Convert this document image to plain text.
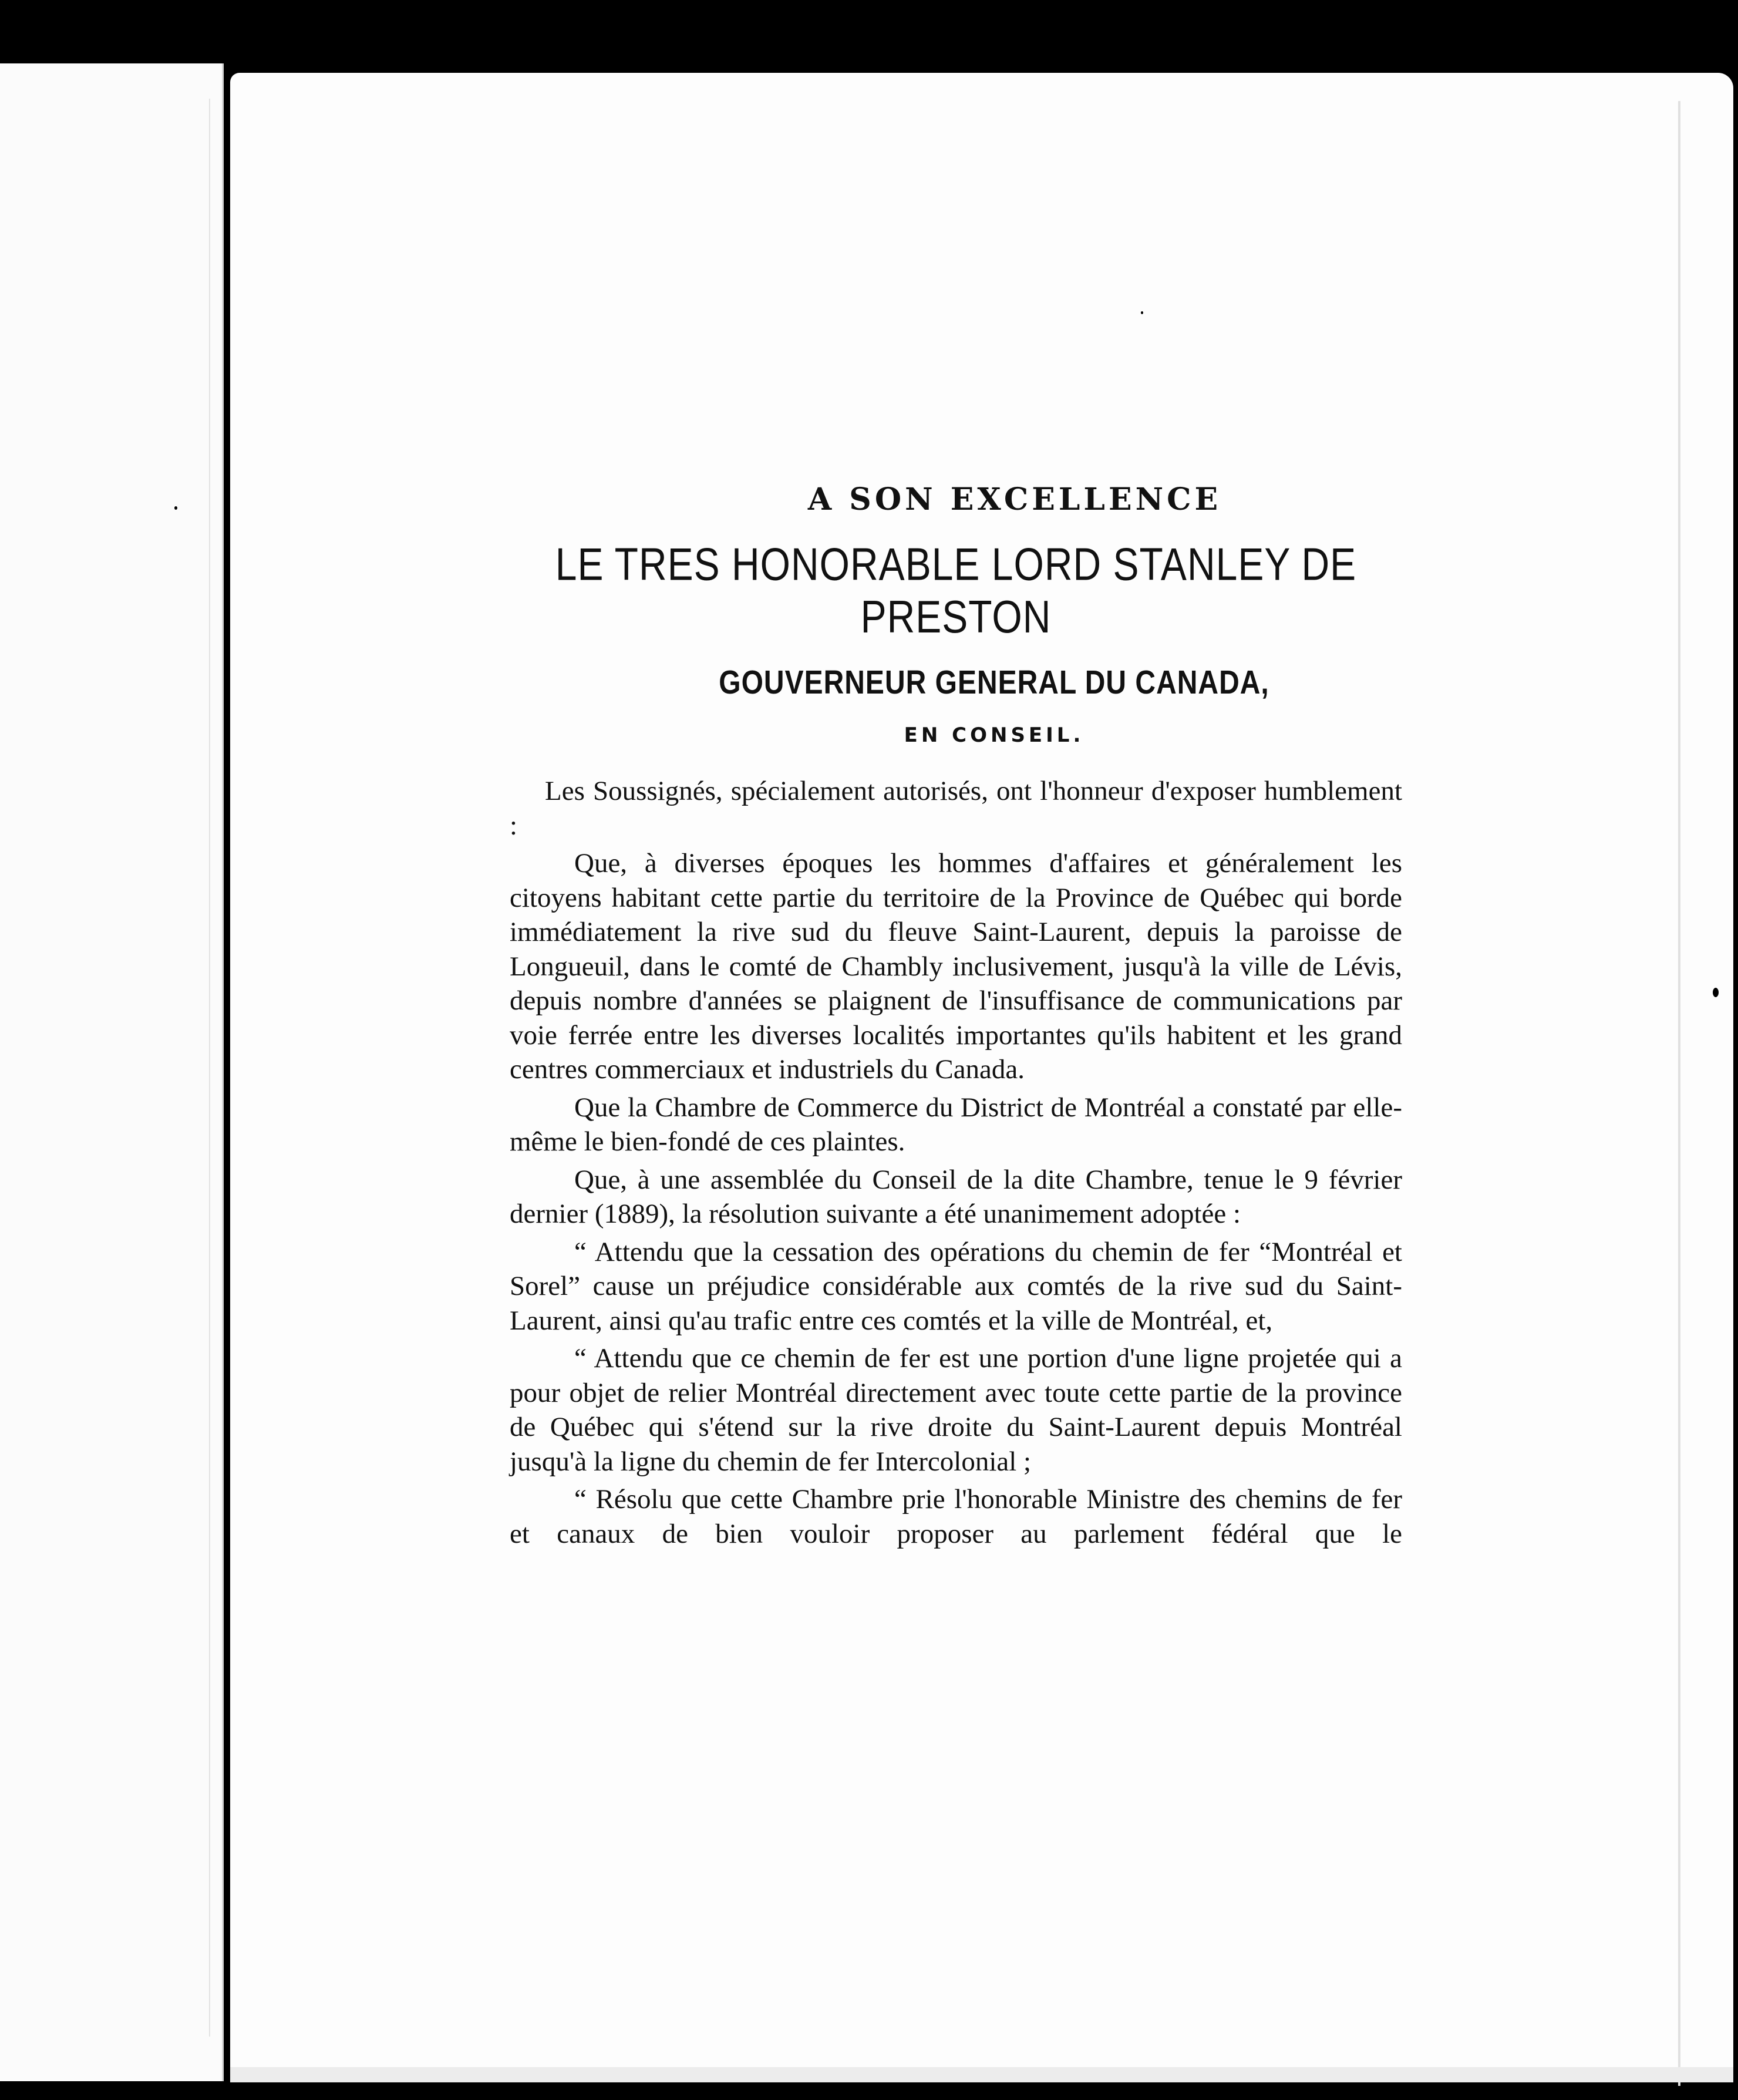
A SON EXCELLENCE

LE TRES HONORABLE LORD STANLEY DE PRESTON

GOUVERNEUR GENERAL DU CANADA,

EN CONSEIL.

Les Soussignés, spécialement autorisés, ont l'honneur d'exposer humblement :

Que, à diverses époques les hommes d'affaires et généralement les citoyens habitant cette partie du territoire de la Province de Québec qui borde immédiatement la rive sud du fleuve Saint-Laurent, depuis la paroisse de Longueuil, dans le comté de Chambly inclusivement, jusqu'à la ville de Lévis, depuis nombre d'années se plaignent de l'insuffisance de communications par voie ferrée entre les diverses localités importantes qu'ils habitent et les grand centres commerciaux et industriels du Canada.

Que la Chambre de Commerce du District de Montréal a constaté par elle-même le bien-fondé de ces plaintes.

Que, à une assemblée du Conseil de la dite Chambre, tenue le 9 février dernier (1889), la résolution suivante a été unanimement adoptée :

“ Attendu que la cessation des opérations du chemin de fer “Montréal et Sorel” cause un préjudice considérable aux comtés de la rive sud du Saint-Laurent, ainsi qu'au trafic entre ces comtés et la ville de Montréal, et,

“ Attendu que ce chemin de fer est une portion d'une ligne projetée qui a pour objet de relier Montréal directement avec toute cette partie de la province de Québec qui s'étend sur la rive droite du Saint-Laurent depuis Montréal jusqu'à la ligne du chemin de fer Intercolonial ;

“ Résolu que cette Chambre prie l'honorable Ministre des chemins de fer et canaux de bien vouloir proposer au parlement fédéral que le
